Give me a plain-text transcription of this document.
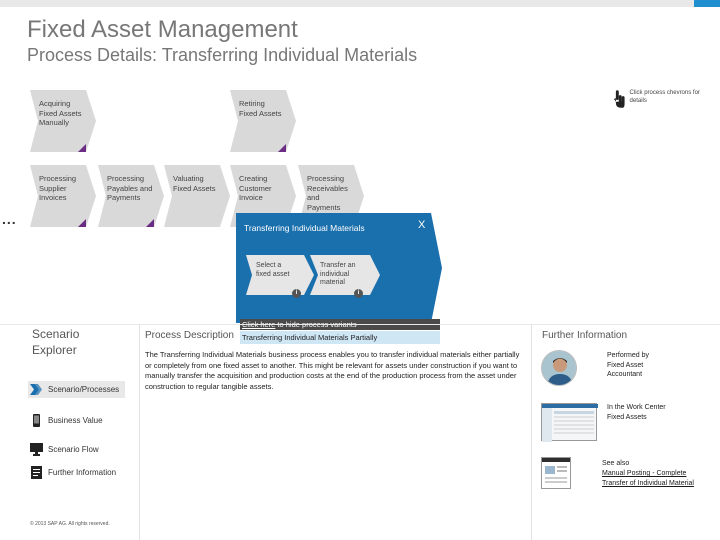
Fixed Asset Management
Process Details: Transferring Individual Materials
Click process chevrons for details
...
Acquiring
Fixed Assets
Manually
Retiring
Fixed Assets
Processing
Supplier
Invoices
Processing
Payables and
Payments
Valuating
Fixed Assets
Creating
Customer
Invoice
Processing
Receivables
and
Payments
Transferring Individual Materials	X
Select a
fixed asset
i
Transfer an
individual
material
i
Transferring Individual Materials Partially
Scenario
Explorer
Scenario/Processes
Business Value
Scenario Flow
Further Information
© 2013 SAP AG. All rights reserved.
Process Description
The Transferring Individual Materials business process enables you to transfer individual materials either partially or completely from one fixed asset to another. This might be relevant for assets under construction if you want to manually transfer the acquisition and production costs at the end of the production process from the asset under construction to regular tangible assets.
Further Information
Performed by
Fixed Asset
Accountant
In the Work Center
Fixed Assets
See also
Manual Posting - Complete
Transfer of Individual Material
